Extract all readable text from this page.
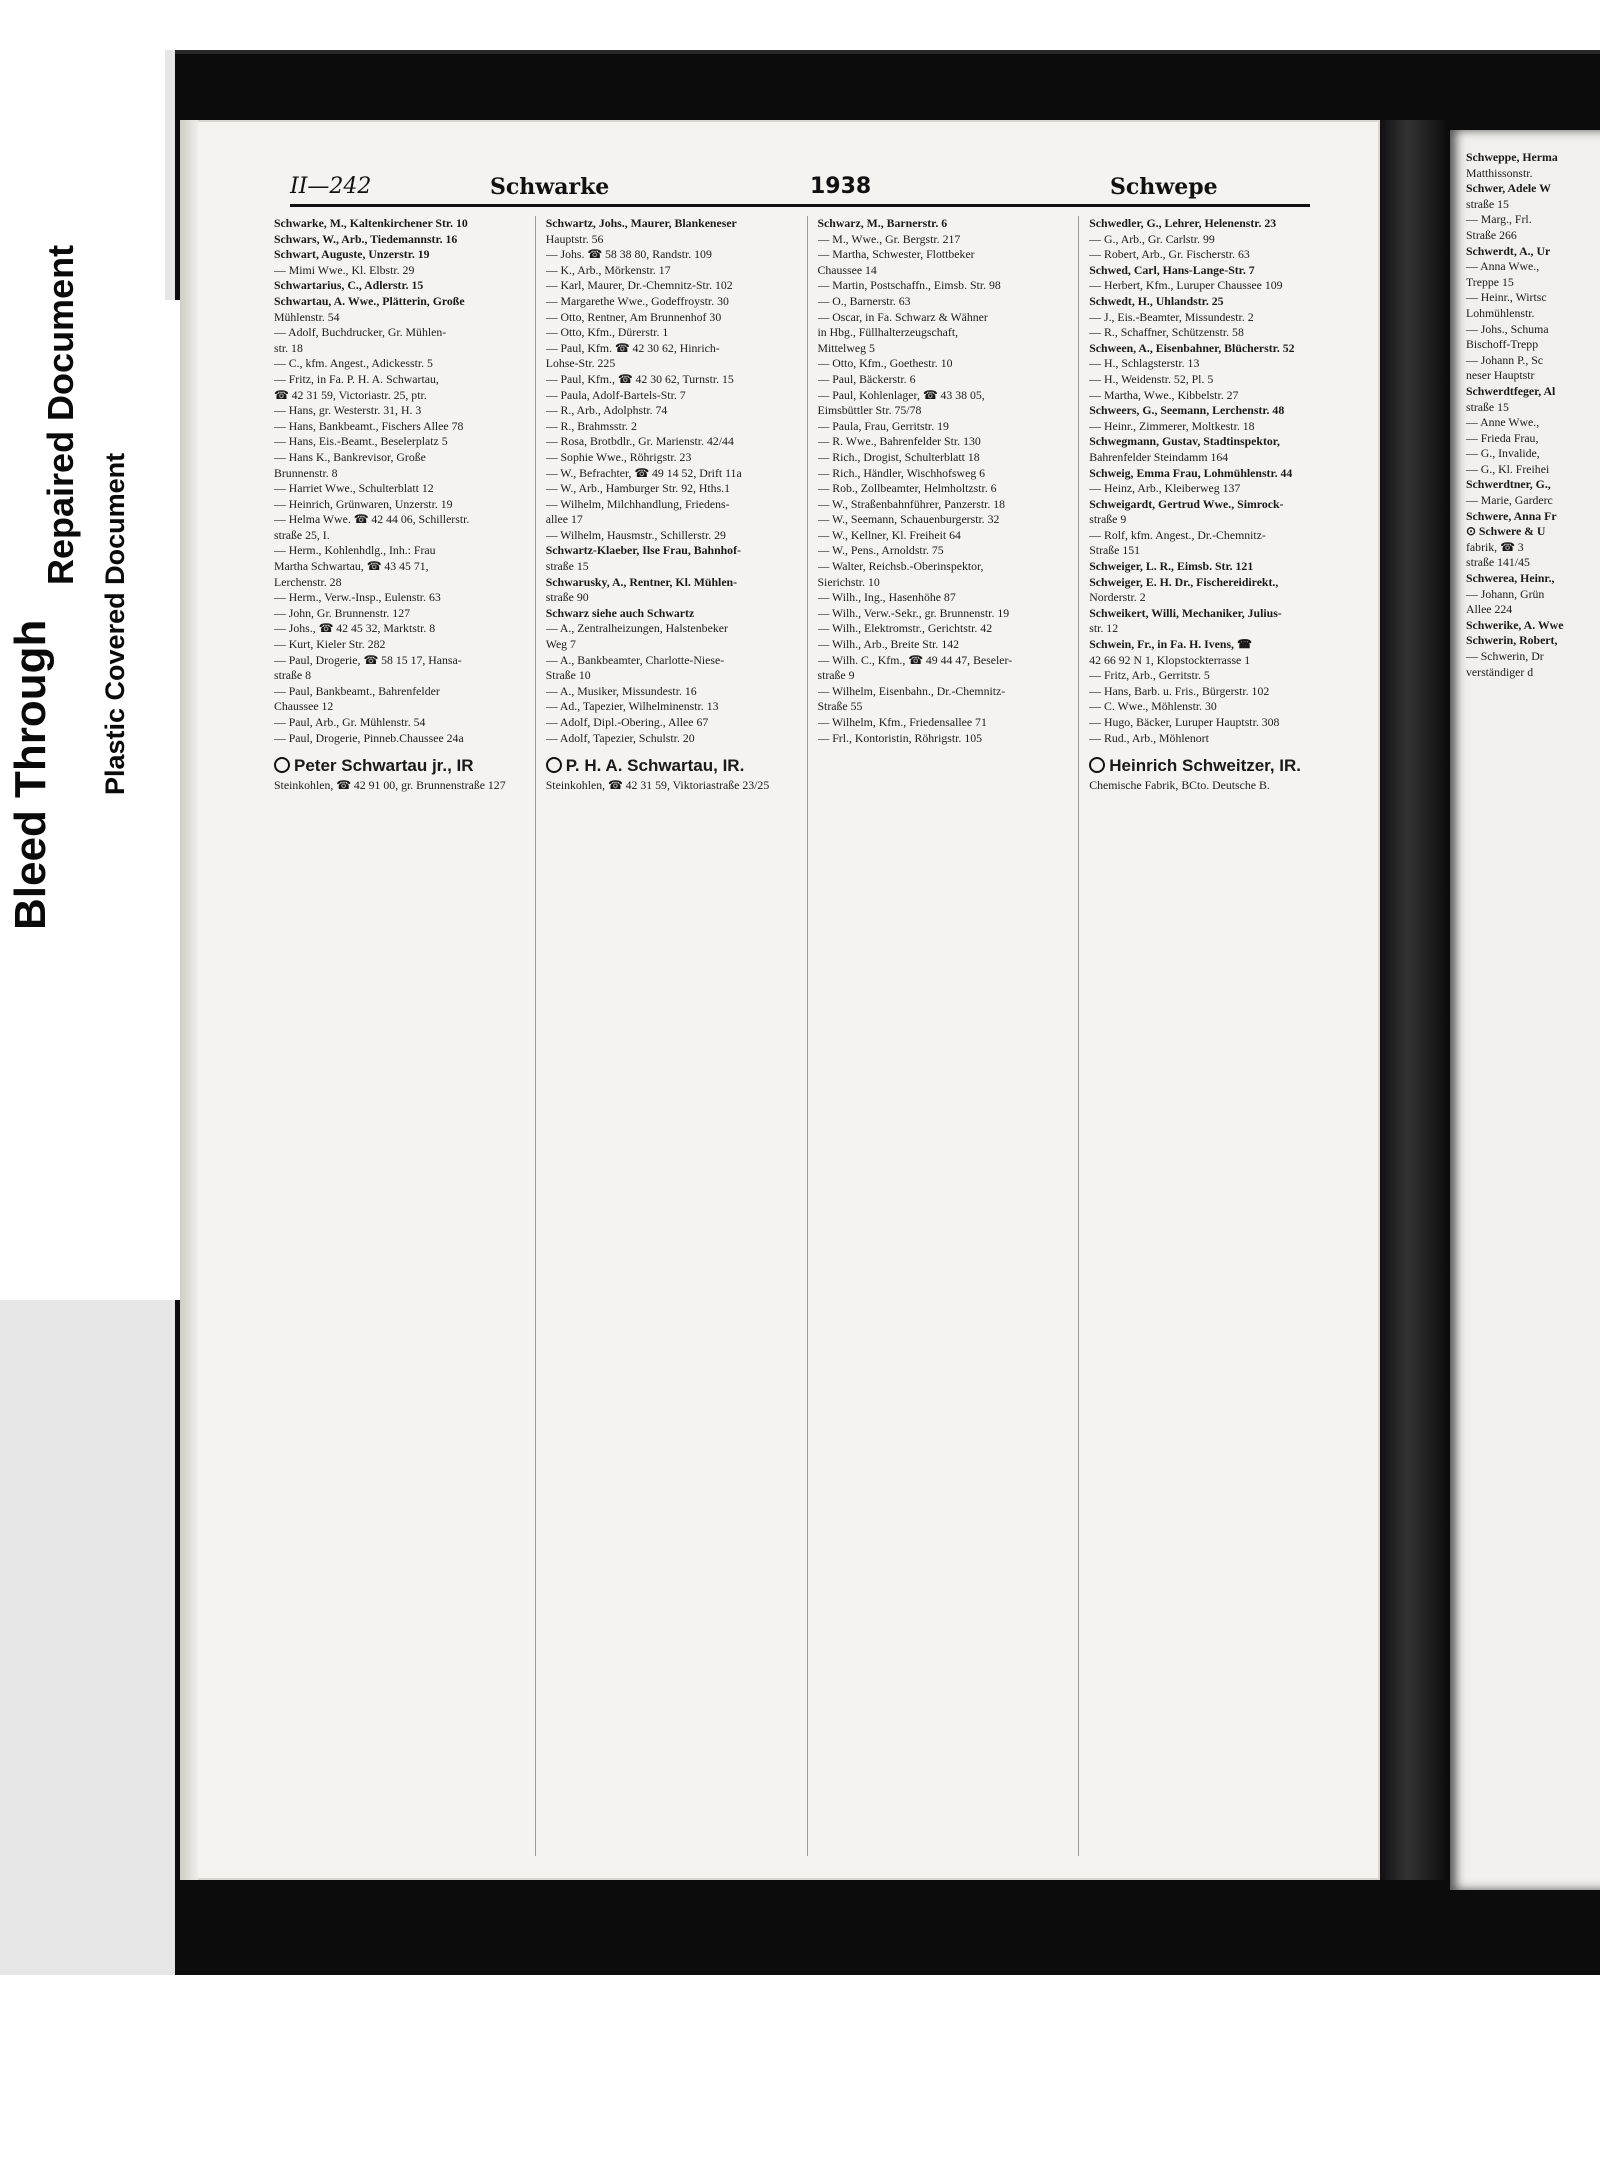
Bleed Through
Repaired Document
Plastic Covered Document
II—242	Schwarke	1938	Schwepe
Schwarke, M., Kaltenkirchener Str. 10
Schwars, W., Arb., Tiedemannstr. 16
Schwart, Auguste, Unzerstr. 19
— Mimi Wwe., Kl. Elbstr. 29
Schwartarius, C., Adlerstr. 15
Schwartau, A. Wwe., Plätterin, Große
Mühlenstr. 54
— Adolf, Buchdrucker, Gr. Mühlen-
str. 18
— C., kfm. Angest., Adickesstr. 5
— Fritz, in Fa. P. H. A. Schwartau,
☎ 42 31 59, Victoriastr. 25, ptr.
— Hans, gr. Westerstr. 31, H. 3
— Hans, Bankbeamt., Fischers Allee 78
— Hans, Eis.-Beamt., Beselerplatz 5
— Hans K., Bankrevisor, Große
Brunnenstr. 8
— Harriet Wwe., Schulterblatt 12
— Heinrich, Grünwaren, Unzerstr. 19
— Helma Wwe. ☎ 42 44 06, Schillerstr.
straße 25, I.
— Herm., Kohlenhdlg., Inh.: Frau
Martha Schwartau, ☎ 43 45 71,
Lerchenstr. 28
— Herm., Verw.-Insp., Eulenstr. 63
— John, Gr. Brunnenstr. 127
— Johs., ☎ 42 45 32, Marktstr. 8
— Kurt, Kieler Str. 282
— Paul, Drogerie, ☎ 58 15 17, Hansa-
straße 8
— Paul, Bankbeamt., Bahrenfelder
Chaussee 12
— Paul, Arb., Gr. Mühlenstr. 54
— Paul, Drogerie, Pinneb.Chaussee 24a
Peter Schwartau jr., IR
Steinkohlen, ☎ 42 91 00, gr. Brunnenstraße 127
Schwartz, Johs., Maurer, Blankeneser
Hauptstr. 56
— Johs. ☎ 58 38 80, Randstr. 109
— K., Arb., Mörkenstr. 17
— Karl, Maurer, Dr.-Chemnitz-Str. 102
— Margarethe Wwe., Godeffroystr. 30
— Otto, Rentner, Am Brunnenhof 30
— Otto, Kfm., Dürerstr. 1
— Paul, Kfm. ☎ 42 30 62, Hinrich-
Lohse-Str. 225
— Paul, Kfm., ☎ 42 30 62, Turnstr. 15
— Paula, Adolf-Bartels-Str. 7
— R., Arb., Adolphstr. 74
— R., Brahmsstr. 2
— Rosa, Brotbdlr., Gr. Marienstr. 42/44
— Sophie Wwe., Röhrigstr. 23
— W., Befrachter, ☎ 49 14 52, Drift 11a
— W., Arb., Hamburger Str. 92, Hths.1
— Wilhelm, Milchhandlung, Friedens-
allee 17
— Wilhelm, Hausmstr., Schillerstr. 29
Schwartz-Klaeber, Ilse Frau, Bahnhof-
straße 15
Schwarusky, A., Rentner, Kl. Mühlen-
straße 90
Schwarz siehe auch Schwartz
— A., Zentralheizungen, Halstenbeker
Weg 7
— A., Bankbeamter, Charlotte-Niese-
Straße 10
— A., Musiker, Missundestr. 16
— Ad., Tapezier, Wilhelminenstr. 13
— Adolf, Dipl.-Obering., Allee 67
— Adolf, Tapezier, Schulstr. 20
P. H. A. Schwartau, IR.
Steinkohlen, ☎ 42 31 59, Viktoriastraße 23/25
Schwarz, M., Barnerstr. 6
— M., Wwe., Gr. Bergstr. 217
— Martha, Schwester, Flottbeker
Chaussee 14
— Martin, Postschaffn., Eimsb. Str. 98
— O., Barnerstr. 63
— Oscar, in Fa. Schwarz & Wähner
in Hbg., Füllhalterzeugschaft,
Mittelweg 5
— Otto, Kfm., Goethestr. 10
— Paul, Bäckerstr. 6
— Paul, Kohlenlager, ☎ 43 38 05,
Eimsbüttler Str. 75/78
— Paula, Frau, Gerritstr. 19
— R. Wwe., Bahrenfelder Str. 130
— Rich., Drogist, Schulterblatt 18
— Rich., Händler, Wischhofsweg 6
— Rob., Zollbeamter, Helmholtzstr. 6
— W., Straßenbahnführer, Panzerstr. 18
— W., Seemann, Schauenburgerstr. 32
— W., Kellner, Kl. Freiheit 64
— W., Pens., Arnoldstr. 75
— Walter, Reichsb.-Oberinspektor,
Sierichstr. 10
— Wilh., Ing., Hasenhöhe 87
— Wilh., Verw.-Sekr., gr. Brunnenstr. 19
— Wilh., Elektromstr., Gerichtstr. 42
— Wilh., Arb., Breite Str. 142
— Wilh. C., Kfm., ☎ 49 44 47, Beseler-
straße 9
— Wilhelm, Eisenbahn., Dr.-Chemnitz-
Straße 55
— Wilhelm, Kfm., Friedensallee 71
— Frl., Kontoristin, Röhrigstr. 105
Schwedler, G., Lehrer, Helenenstr. 23
— G., Arb., Gr. Carlstr. 99
— Robert, Arb., Gr. Fischerstr. 63
Schwed, Carl, Hans-Lange-Str. 7
— Herbert, Kfm., Luruper Chaussee 109
Schwedt, H., Uhlandstr. 25
— J., Eis.-Beamter, Missundestr. 2
— R., Schaffner, Schützenstr. 58
Schween, A., Eisenbahner, Blücherstr. 52
— H., Schlagsterstr. 13
— H., Weidenstr. 52, Pl. 5
— Martha, Wwe., Kibbelstr. 27
Schweers, G., Seemann, Lerchenstr. 48
— Heinr., Zimmerer, Moltkestr. 18
Schwegmann, Gustav, Stadtinspektor,
Bahrenfelder Steindamm 164
Schweig, Emma Frau, Lohmühlenstr. 44
— Heinz, Arb., Kleiberweg 137
Schweigardt, Gertrud Wwe., Simrock-
straße 9
— Rolf, kfm. Angest., Dr.-Chemnitz-
Straße 151
Schweiger, L. R., Eimsb. Str. 121
Schweiger, E. H. Dr., Fischereidirekt.,
Norderstr. 2
Schweikert, Willi, Mechaniker, Julius-
str. 12
Schwein, Fr., in Fa. H. Ivens, ☎
42 66 92 N 1, Klopstockterrasse 1
— Fritz, Arb., Gerritstr. 5
— Hans, Barb. u. Fris., Bürgerstr. 102
— C. Wwe., Möhlenstr. 30
— Hugo, Bäcker, Luruper Hauptstr. 308
— Rud., Arb., Möhlenort
Heinrich Schweitzer, IR.
Chemische Fabrik, BCto. Deutsche B.
Schweppe, Herma
Matthissonstr.
Schwer, Adele W
straße 15
— Marg., Frl.
Straße 266
Schwerdt, A., Ur
— Anna Wwe.,
Treppe 15
— Heinr., Wirtsc
Lohmühlenstr.
— Johs., Schuma
Bischoff-Trepp
— Johann P., Sc
neser Hauptstr
Schwerdtfeger, Al
straße 15
— Anne Wwe.,
— Frieda Frau,
— G., Invalide,
— G., Kl. Freihei
Schwerdtner, G.,
— Marie, Garderc
Schwere, Anna Fr
⊙ Schwere & U
fabrik, ☎ 3
straße 141/45
Schwerea, Heinr.,
— Johann, Grün
Allee 224
Schwerike, A. Wwe
Schwerin, Robert,
— Schwerin, Dr
verständiger d
